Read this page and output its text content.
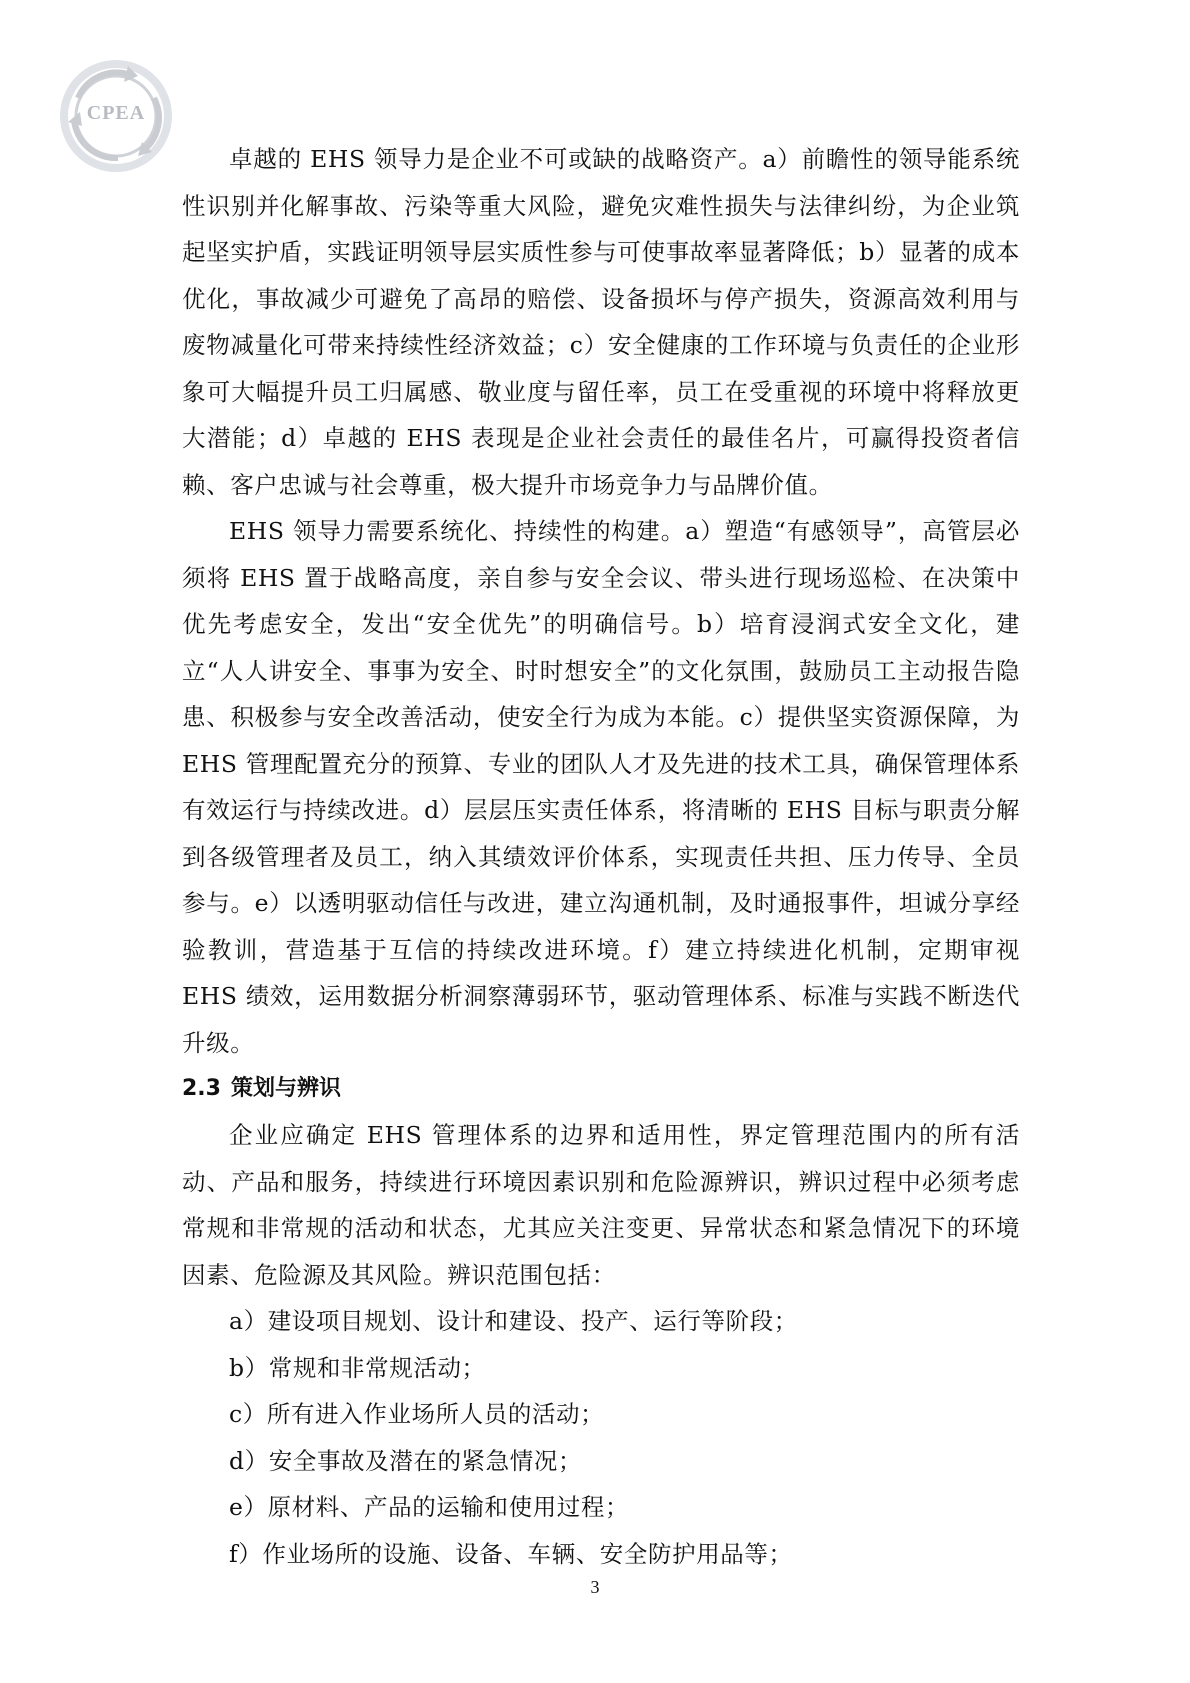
CPEA

卓越的 EHS 领导力是企业不可或缺的战略资产。a）前瞻性的领导能系统性识别并化解事故、污染等重大风险，避免灾难性损失与法律纠纷，为企业筑起坚实护盾，实践证明领导层实质性参与可使事故率显著降低；b）显著的成本优化，事故减少可避免了高昂的赔偿、设备损坏与停产损失，资源高效利用与废物减量化可带来持续性经济效益；c）安全健康的工作环境与负责任的企业形象可大幅提升员工归属感、敬业度与留任率，员工在受重视的环境中将释放更大潜能；d）卓越的 EHS 表现是企业社会责任的最佳名片，可赢得投资者信赖、客户忠诚与社会尊重，极大提升市场竞争力与品牌价值。

EHS 领导力需要系统化、持续性的构建。a）塑造“有感领导”，高管层必须将 EHS 置于战略高度，亲自参与安全会议、带头进行现场巡检、在决策中优先考虑安全，发出“安全优先”的明确信号。b）培育浸润式安全文化，建立“人人讲安全、事事为安全、时时想安全”的文化氛围，鼓励员工主动报告隐患、积极参与安全改善活动，使安全行为成为本能。c）提供坚实资源保障，为 EHS 管理配置充分的预算、专业的团队人才及先进的技术工具，确保管理体系有效运行与持续改进。d）层层压实责任体系，将清晰的 EHS 目标与职责分解到各级管理者及员工，纳入其绩效评价体系，实现责任共担、压力传导、全员参与。e）以透明驱动信任与改进，建立沟通机制，及时通报事件，坦诚分享经验教训，营造基于互信的持续改进环境。f）建立持续进化机制，定期审视 EHS 绩效，运用数据分析洞察薄弱环节，驱动管理体系、标准与实践不断迭代升级。

2.3 策划与辨识

企业应确定 EHS 管理体系的边界和适用性，界定管理范围内的所有活动、产品和服务，持续进行环境因素识别和危险源辨识，辨识过程中必须考虑常规和非常规的活动和状态，尤其应关注变更、异常状态和紧急情况下的环境因素、危险源及其风险。辨识范围包括：

a）建设项目规划、设计和建设、投产、运行等阶段；
b）常规和非常规活动；
c）所有进入作业场所人员的活动；
d）安全事故及潜在的紧急情况；
e）原材料、产品的运输和使用过程；
f）作业场所的设施、设备、车辆、安全防护用品等；
3
